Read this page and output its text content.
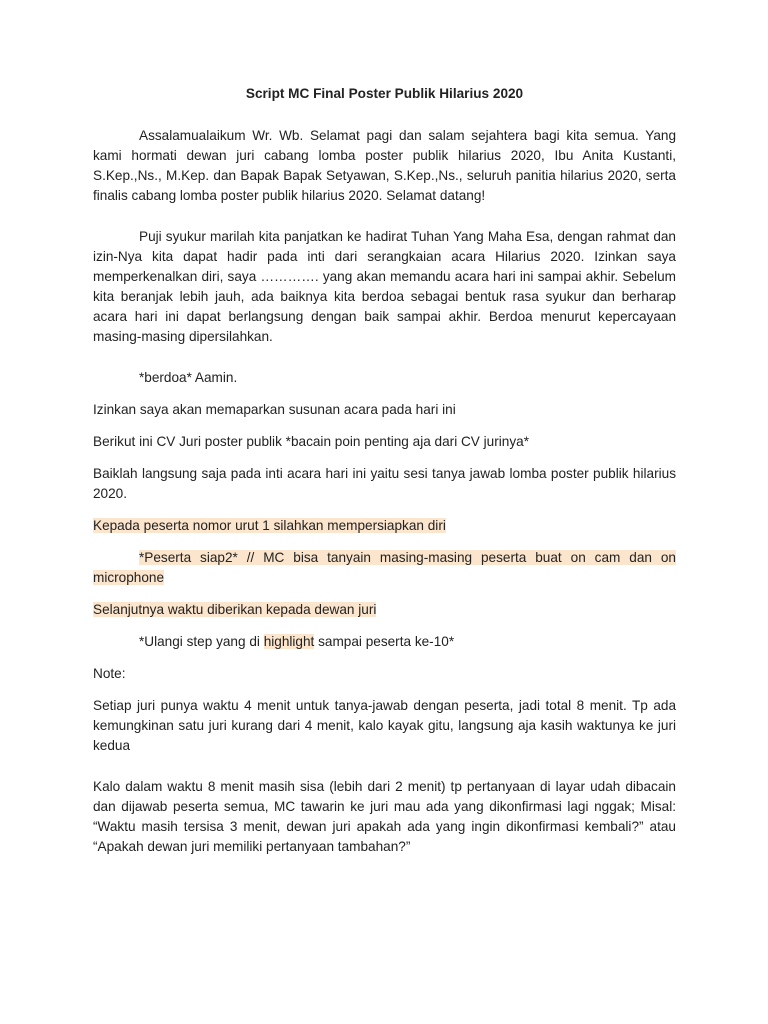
Script MC Final Poster Publik Hilarius 2020

Assalamualaikum Wr. Wb. Selamat pagi dan salam sejahtera bagi kita semua. Yang kami hormati dewan juri cabang lomba poster publik hilarius 2020, Ibu Anita Kustanti, S.Kep.,Ns., M.Kep. dan Bapak Bapak Setyawan, S.Kep.,Ns., seluruh panitia hilarius 2020, serta finalis cabang lomba poster publik hilarius 2020. Selamat datang!

Puji syukur marilah kita panjatkan ke hadirat Tuhan Yang Maha Esa, dengan rahmat dan izin-Nya kita dapat hadir pada inti dari serangkaian acara Hilarius 2020. Izinkan saya memperkenalkan diri, saya …………. yang akan memandu acara hari ini sampai akhir. Sebelum kita beranjak lebih jauh, ada baiknya kita berdoa sebagai bentuk rasa syukur dan berharap acara hari ini dapat berlangsung dengan baik sampai akhir. Berdoa menurut kepercayaan masing-masing dipersilahkan.

*berdoa* Aamin.

Izinkan saya akan memaparkan susunan acara pada hari ini

Berikut ini CV Juri poster publik *bacain poin penting aja dari CV jurinya*

Baiklah langsung saja pada inti acara hari ini yaitu sesi tanya jawab lomba poster publik hilarius 2020.

Kepada peserta nomor urut 1 silahkan mempersiapkan diri

*Peserta siap2* // MC bisa tanyain masing-masing peserta buat on cam dan on microphone

Selanjutnya waktu diberikan kepada dewan juri

*Ulangi step yang di highlight sampai peserta ke-10*

Note:

Setiap juri punya waktu 4 menit untuk tanya-jawab dengan peserta, jadi total 8 menit. Tp ada kemungkinan satu juri kurang dari 4 menit, kalo kayak gitu, langsung aja kasih waktunya ke juri kedua

Kalo dalam waktu 8 menit masih sisa (lebih dari 2 menit) tp pertanyaan di layar udah dibacain dan dijawab peserta semua, MC tawarin ke juri mau ada yang dikonfirmasi lagi nggak; Misal: “Waktu masih tersisa 3 menit, dewan juri apakah ada yang ingin dikonfirmasi kembali?” atau “Apakah dewan juri memiliki pertanyaan tambahan?”
